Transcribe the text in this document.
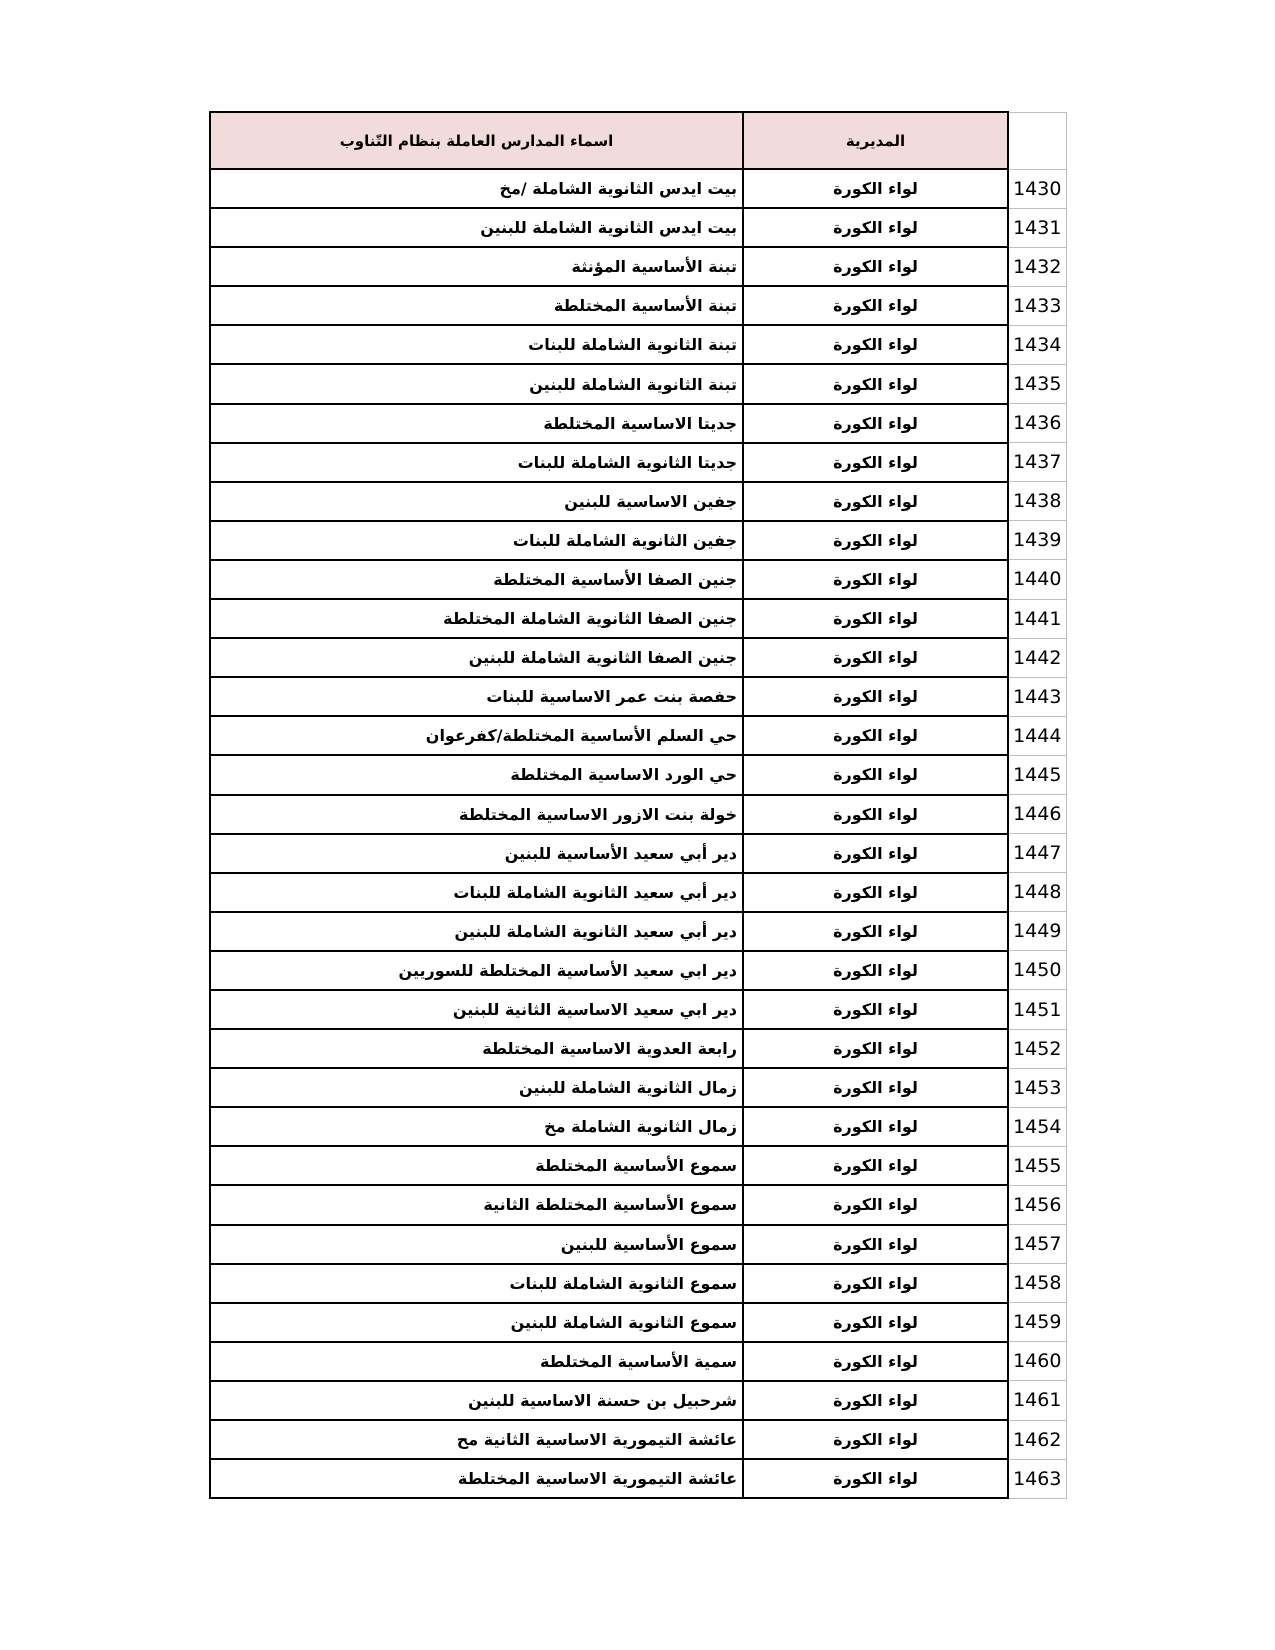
اسماء المدارس العاملة بنظام التّناوب	المديرية	
بيت ايدس الثانوية الشاملة /مخ	لواء الكورة	1430
بيت ايدس الثانوية الشاملة للبنين	لواء الكورة	1431
تبنة الأساسية المؤنثة	لواء الكورة	1432
تبنة الأساسية المختلطة	لواء الكورة	1433
تبنة الثانوية الشاملة للبنات	لواء الكورة	1434
تبنة الثانوية الشاملة للبنين	لواء الكورة	1435
جديتا الاساسية المختلطة	لواء الكورة	1436
جديتا الثانوية الشاملة للبنات	لواء الكورة	1437
جفين الاساسية للبنين	لواء الكورة	1438
جفين الثانوية الشاملة للبنات	لواء الكورة	1439
جنين الصفا الأساسية المختلطة	لواء الكورة	1440
جنين الصفا الثانوية الشاملة المختلطة	لواء الكورة	1441
جنين الصفا الثانوية الشاملة للبنين	لواء الكورة	1442
حفصة بنت عمر الاساسية للبنات	لواء الكورة	1443
حي السلم الأساسية المختلطة/كفرعوان	لواء الكورة	1444
حي الورد الاساسية المختلطة	لواء الكورة	1445
خولة بنت الازور الاساسية المختلطة	لواء الكورة	1446
دير أبي سعيد الأساسية للبنين	لواء الكورة	1447
دير أبي سعيد الثانوية الشاملة للبنات	لواء الكورة	1448
دير أبي سعيد الثانوية الشاملة للبنين	لواء الكورة	1449
دير ابي سعيد الأساسية المختلطة للسوريين	لواء الكورة	1450
دير ابي سعيد الاساسية الثانية للبنين	لواء الكورة	1451
رابعة العدوية الاساسية المختلطة	لواء الكورة	1452
زمال الثانوية الشاملة للبنين	لواء الكورة	1453
زمال الثانوية الشاملة مخ	لواء الكورة	1454
سموع الأساسية المختلطة	لواء الكورة	1455
سموع الأساسية المختلطة الثانية	لواء الكورة	1456
سموع الأساسية للبنين	لواء الكورة	1457
سموع الثانوية الشاملة للبنات	لواء الكورة	1458
سموع الثانوية الشاملة للبنين	لواء الكورة	1459
سمية الأساسية المختلطة	لواء الكورة	1460
شرحبيل بن حسنة الاساسية للبنين	لواء الكورة	1461
عائشة التيمورية الاساسية الثانية مح	لواء الكورة	1462
عائشة التيمورية الاساسية المختلطة	لواء الكورة	1463
